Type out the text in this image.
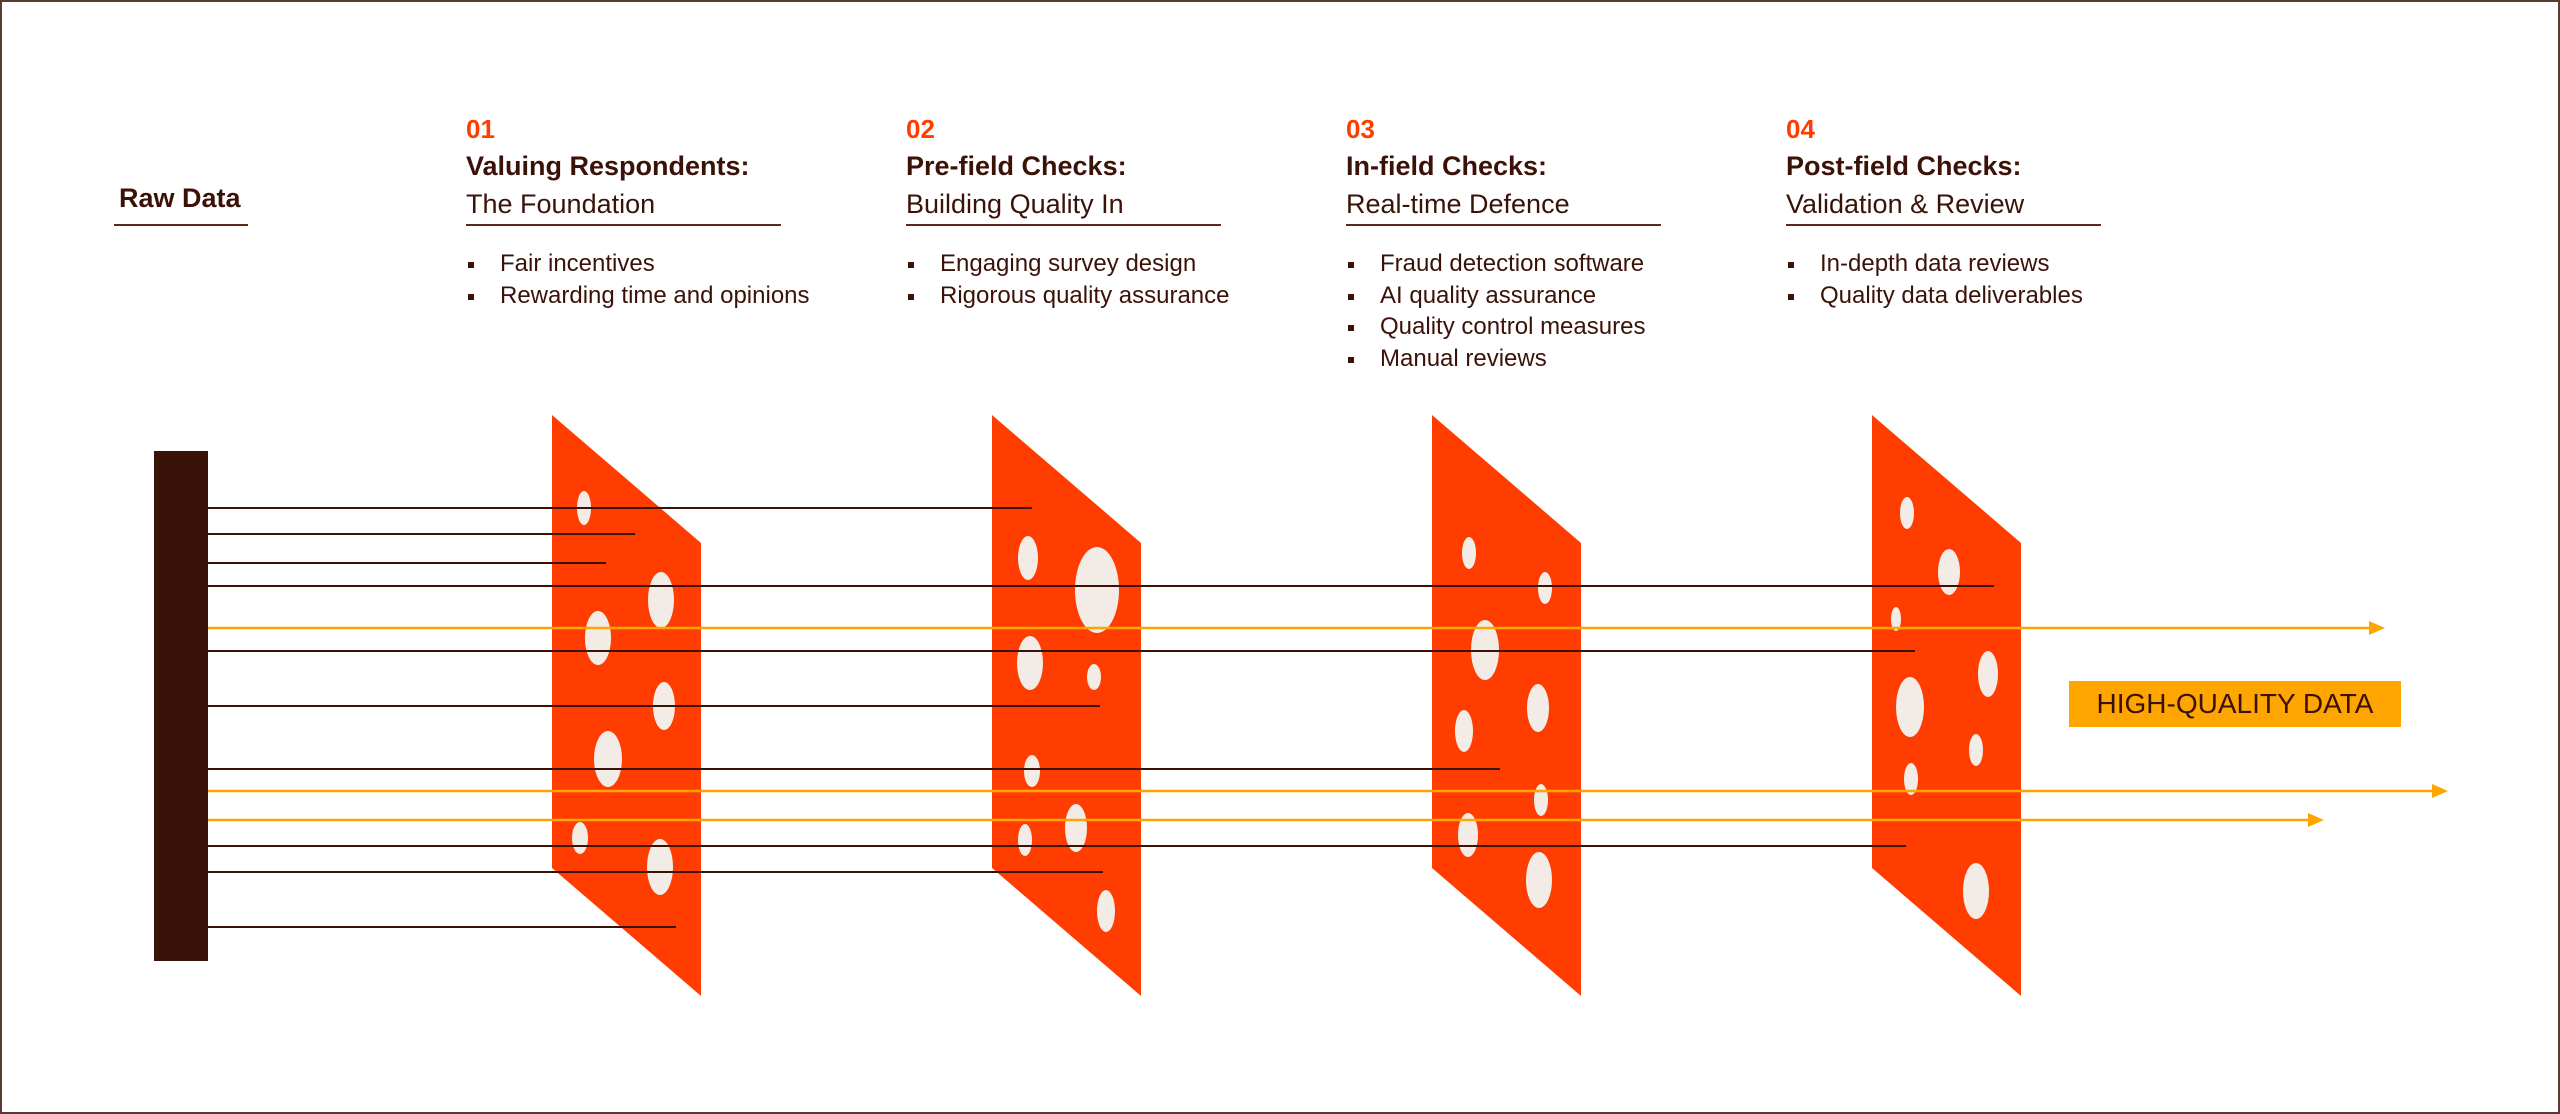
Raw Data
01
Valuing Respondents:
The Foundation
Fair incentives
Rewarding time and opinions
02
Pre-field Checks:
Building Quality In
Engaging survey design
Rigorous quality assurance
03
In-field Checks:
Real-time Defence
Fraud detection software
AI quality assurance
Quality control measures
Manual reviews
04
Post-field Checks:
Validation & Review
In-depth data reviews
Quality data deliverables
HIGH-QUALITY DATA
